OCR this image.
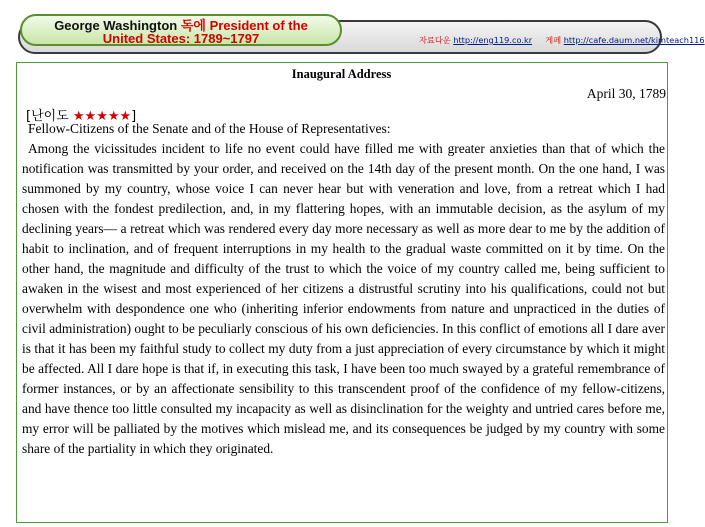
George Washington 독에 President of the
United States: 1789~1797	자료다운 http://eng119.co.kr 게페 http://cafe.daum.net/kimteach116
Inaugural Address
April 30, 1789
[난이도 ★★★★★]
Fellow-Citizens of the Senate and of the House of Representatives:

Among the vicissitudes incident to life no event could have filled me with greater anxieties than that of which the notification was transmitted by your order, and received on the 14th day of the present month. On the one hand, I was summoned by my country, whose voice I can never hear but with veneration and love, from a retreat which I had chosen with the fondest predilection, and, in my flattering hopes, with an immutable decision, as the asylum of my declining years— a retreat which was rendered every day more necessary as well as more dear to me by the addition of habit to inclination, and of frequent interruptions in my health to the gradual waste committed on it by time. On the other hand, the magnitude and difficulty of the trust to which the voice of my country called me, being sufficient to awaken in the wisest and most experienced of her citizens a distrustful scrutiny into his qualifications, could not but overwhelm with despondence one who (inheriting inferior endowments from nature and unpracticed in the duties of civil administration) ought to be peculiarly conscious of his own deficiencies. In this conflict of emotions all I dare aver is that it has been my faithful study to collect my duty from a just appreciation of every circumstance by which it might be affected. All I dare hope is that if, in executing this task, I have been too much swayed by a grateful remembrance of former instances, or by an affectionate sensibility to this transcendent proof of the confidence of my fellow-citizens, and have thence too little consulted my incapacity as well as disinclination for the weighty and untried cares before me, my error will be palliated by the motives which mislead me, and its consequences be judged by my country with some share of the partiality in which they originated.
